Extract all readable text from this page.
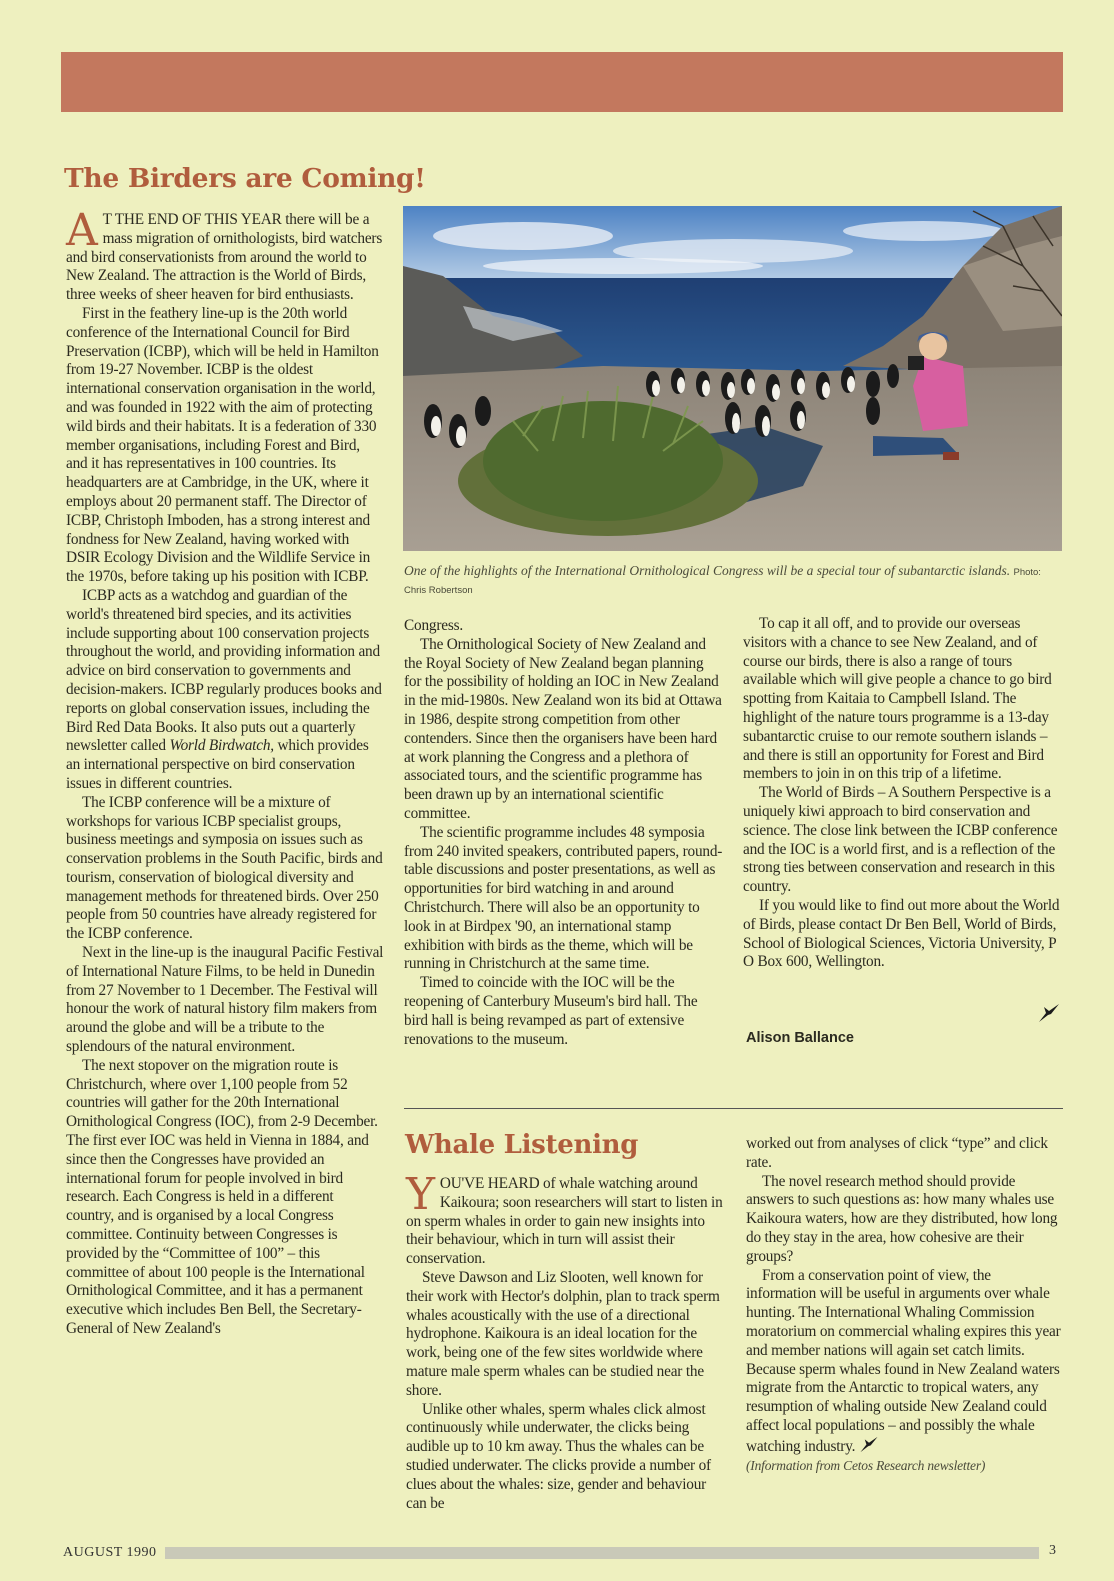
The Birders are Coming!

A T THE END OF THIS YEAR there will be a mass migration of ornithologists, bird watchers and bird conservationists from around the world to New Zealand. The attraction is the World of Birds, three weeks of sheer heaven for bird enthusiasts.

First in the feathery line-up is the 20th world conference of the International Council for Bird Preservation (ICBP), which will be held in Hamilton from 19-27 November. ICBP is the oldest international conservation organisation in the world, and was founded in 1922 with the aim of protecting wild birds and their habitats. It is a federation of 330 member organisations, including Forest and Bird, and it has representatives in 100 countries. Its headquarters are at Cambridge, in the UK, where it employs about 20 permanent staff. The Director of ICBP, Christoph Imboden, has a strong interest and fondness for New Zealand, having worked with DSIR Ecology Division and the Wildlife Service in the 1970s, before taking up his position with ICBP.

ICBP acts as a watchdog and guardian of the world's threatened bird species, and its activities include supporting about 100 conservation projects throughout the world, and providing information and advice on bird conservation to governments and decision-makers. ICBP regularly produces books and reports on global conservation issues, including the Bird Red Data Books. It also puts out a quarterly newsletter called World Birdwatch, which provides an international perspective on bird conservation issues in different countries.

The ICBP conference will be a mixture of workshops for various ICBP specialist groups, business meetings and symposia on issues such as conservation problems in the South Pacific, birds and tourism, conservation of biological diversity and management methods for threatened birds. Over 250 people from 50 countries have already registered for the ICBP conference.

Next in the line-up is the inaugural Pacific Festival of International Nature Films, to be held in Dunedin from 27 November to 1 December. The Festival will honour the work of natural history film makers from around the globe and will be a tribute to the splendours of the natural environment.

The next stopover on the migration route is Christchurch, where over 1,100 people from 52 countries will gather for the 20th International Ornithological Congress (IOC), from 2-9 December. The first ever IOC was held in Vienna in 1884, and since then the Congresses have provided an international forum for people involved in bird research. Each Congress is held in a different country, and is organised by a local Congress committee. Continuity between Congresses is provided by the “Committee of 100” – this committee of about 100 people is the International Ornithological Committee, and it has a permanent executive which includes Ben Bell, the Secretary-General of New Zealand's

One of the highlights of the International Ornithological Congress will be a special tour of subantarctic islands. Photo: Chris Robertson

Congress.

The Ornithological Society of New Zealand and the Royal Society of New Zealand began planning for the possibility of holding an IOC in New Zealand in the mid-1980s. New Zealand won its bid at Ottawa in 1986, despite strong competition from other contenders. Since then the organisers have been hard at work planning the Congress and a plethora of associated tours, and the scientific programme has been drawn up by an international scientific committee.

The scientific programme includes 48 symposia from 240 invited speakers, contributed papers, round-table discussions and poster presentations, as well as opportunities for bird watching in and around Christchurch. There will also be an opportunity to look in at Birdpex '90, an international stamp exhibition with birds as the theme, which will be running in Christchurch at the same time.

Timed to coincide with the IOC will be the reopening of Canterbury Museum's bird hall. The bird hall is being revamped as part of extensive renovations to the museum.

To cap it all off, and to provide our overseas visitors with a chance to see New Zealand, and of course our birds, there is also a range of tours available which will give people a chance to go bird spotting from Kaitaia to Campbell Island. The highlight of the nature tours programme is a 13-day subantarctic cruise to our remote southern islands – and there is still an opportunity for Forest and Bird members to join in on this trip of a lifetime.

The World of Birds – A Southern Perspective is a uniquely kiwi approach to bird conservation and science. The close link between the ICBP conference and the IOC is a world first, and is a reflection of the strong ties between conservation and research in this country.

If you would like to find out more about the World of Birds, please contact Dr Ben Bell, World of Birds, School of Biological Sciences, Victoria University, P O Box 600, Wellington.

Alison Ballance
Whale Listening

YOU'VE HEARD of whale watching around Kaikoura; soon researchers will start to listen in on sperm whales in order to gain new insights into their behaviour, which in turn will assist their conservation.

Steve Dawson and Liz Slooten, well known for their work with Hector's dolphin, plan to track sperm whales acoustically with the use of a directional hydrophone. Kaikoura is an ideal location for the work, being one of the few sites worldwide where mature male sperm whales can be studied near the shore.

Unlike other whales, sperm whales click almost continuously while underwater, the clicks being audible up to 10 km away. Thus the whales can be studied underwater. The clicks provide a number of clues about the whales: size, gender and behaviour can be

worked out from analyses of click “type” and click rate.

The novel research method should provide answers to such questions as: how many whales use Kaikoura waters, how are they distributed, how long do they stay in the area, how cohesive are their groups?

From a conservation point of view, the information will be useful in arguments over whale hunting. The International Whaling Commission moratorium on commercial whaling expires this year and member nations will again set catch limits. Because sperm whales found in New Zealand waters migrate from the Antarctic to tropical waters, any resumption of whaling outside New Zealand could affect local populations – and possibly the whale watching industry.

(Information from Cetos Research newsletter)

AUGUST 1990	3
